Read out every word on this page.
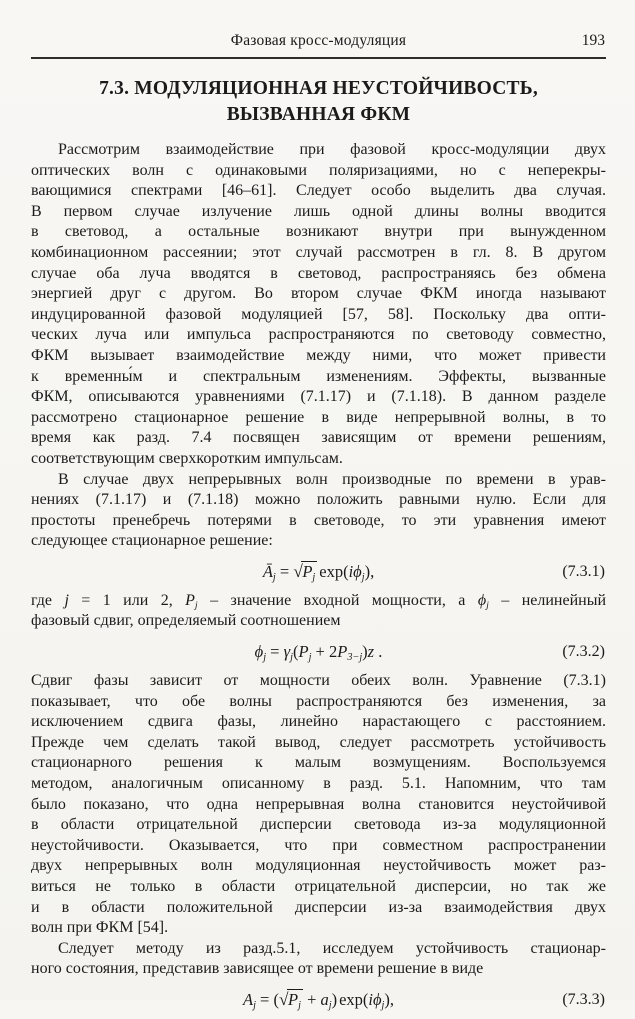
Фазовая кросс-модуляция	193
7.3. МОДУЛЯЦИОННАЯ НЕУСТОЙЧИВОСТЬ,
ВЫЗВАННАЯ ФКМ
Рассмотрим взаимодействие при фазовой кросс-модуляции двух
оптических волн с одинаковыми поляризациями, но с неперекры-
вающимися спектрами [46–61]. Следует особо выделить два случая.
В первом случае излучение лишь одной длины волны вводится
в световод, а остальные возникают внутри при вынужденном
комбинационном рассеянии; этот случай рассмотрен в гл. 8. В другом
случае оба луча вводятся в световод, распространяясь без обмена
энергией друг с другом. Во втором случае ФКМ иногда называют
индуцированной фазовой модуляцией [57, 58]. Поскольку два опти-
ческих луча или импульса распространяются по световоду совместно,
ФКМ вызывает взаимодействие между ними, что может привести
к временны́м и спектральным изменениям. Эффекты, вызванные
ФКМ, описываются уравнениями (7.1.17) и (7.1.18). В данном разделе
рассмотрено стационарное решение в виде непрерывной волны, в то
время как разд. 7.4 посвящен зависящим от времени решениям,
соответствующим сверхкоротким импульсам.
В случае двух непрерывных волн производные по времени в урав-
нениях (7.1.17) и (7.1.18) можно положить равными нулю. Если для
простоты пренебречь потерями в световоде, то эти уравнения имеют
следующее стационарное решение:
$Ā_j = √P_j$ $\exp(i\phi_j)$,	(7.3.1)
где j = 1 или 2, $P_j$ – значение входной мощности, а $\phi_j$ – нелинейный
фазовый сдвиг, определяемый соотношением
$\phi_j = \gamma_j(P_j + 2P_{3-j})z$ .	(7.3.2)
Сдвиг фазы зависит от мощности обеих волн. Уравнение (7.3.1)
показывает, что обе волны распространяются без изменения, за
исключением сдвига фазы, линейно нарастающего с расстоянием.
Прежде чем сделать такой вывод, следует рассмотреть устойчивость
стационарного решения к малым возмущениям. Воспользуемся
методом, аналогичным описанному в разд. 5.1. Напомним, что там
было показано, что одна непрерывная волна становится неустойчивой
в области отрицательной дисперсии световода из-за модуляционной
неустойчивости. Оказывается, что при совместном распространении
двух непрерывных волн модуляционная неустойчивость может раз-
виться не только в области отрицательной дисперсии, но так же
и в области положительной дисперсии из-за взаимодействия двух
волн при ФКМ [54].
Следует методу из разд.5.1, исследуем устойчивость стационар-
ного состояния, представив зависящее от времени решение в виде
$A_j = (√P_j + a_j)$ $\exp(i\phi_j)$,	(7.3.3)
